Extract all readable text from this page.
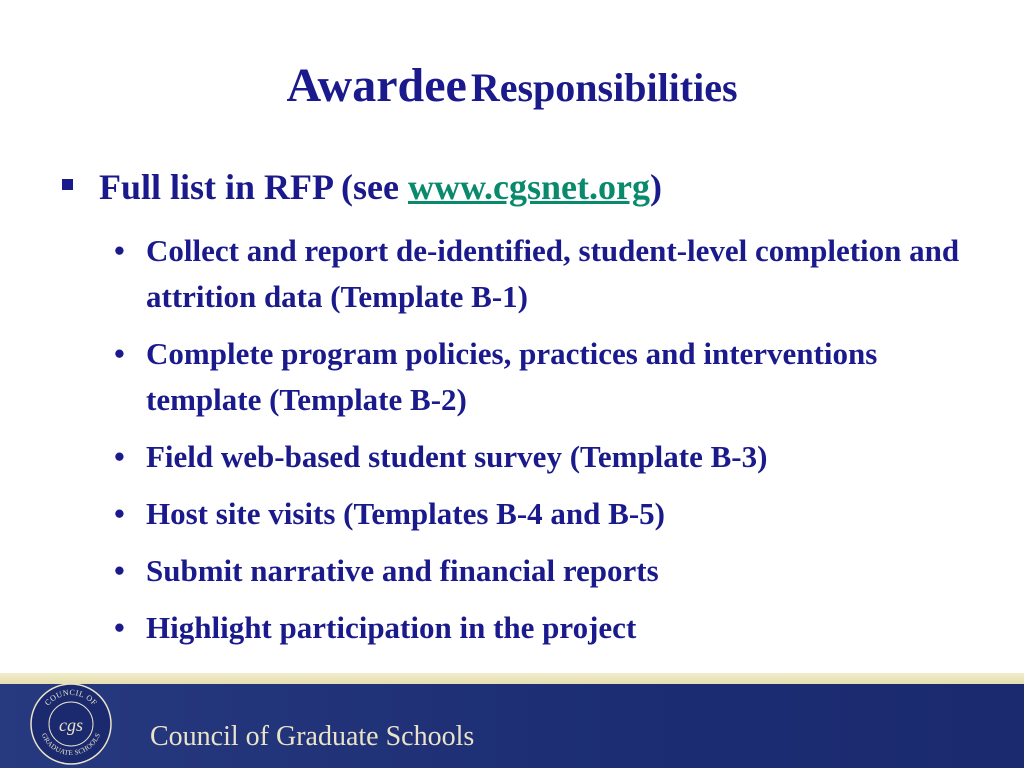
Awardee Responsibilities
Full list in RFP (see www.cgsnet.org)
• Collect and report de-identified, student-level completion and attrition data (Template B-1)
• Complete program policies, practices and interventions template (Template B-2)
• Field web-based student survey (Template B-3)
• Host site visits (Templates B-4 and B-5)
• Submit narrative and financial reports
• Highlight participation in the project
COUNCIL OF
GRADUATE SCHOOLS
cgs Council of Graduate Schools
